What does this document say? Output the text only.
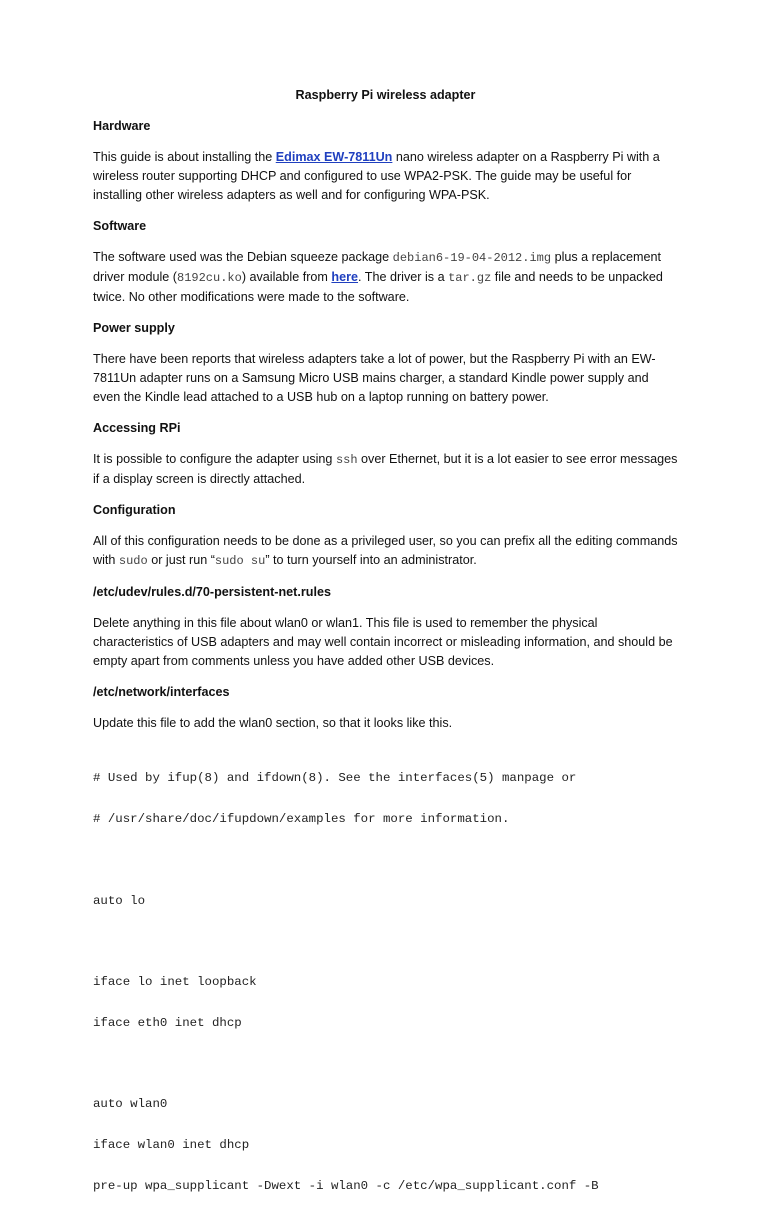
Raspberry Pi wireless adapter
Hardware
This guide is about installing the Edimax EW-7811Un nano wireless adapter on a Raspberry Pi with a wireless router supporting DHCP and configured to use WPA2-PSK. The guide may be useful for installing other wireless adapters as well and for configuring WPA-PSK.
Software
The software used was the Debian squeeze package debian6-19-04-2012.img plus a replacement driver module (8192cu.ko) available from here. The driver is a tar.gz file and needs to be unpacked twice. No other modifications were made to the software.
Power supply
There have been reports that wireless adapters take a lot of power, but the Raspberry Pi with an EW-7811Un adapter runs on a Samsung Micro USB mains charger, a standard Kindle power supply and even the Kindle lead attached to a USB hub on a laptop running on battery power.
Accessing RPi
It is possible to configure the adapter using ssh over Ethernet, but it is a lot easier to see error messages if a display screen is directly attached.
Configuration
All of this configuration needs to be done as a privileged user, so you can prefix all the editing commands with sudo or just run “sudo su” to turn yourself into an administrator.
/etc/udev/rules.d/70-persistent-net.rules
Delete anything in this file about wlan0 or wlan1. This file is used to remember the physical characteristics of USB adapters and may well contain incorrect or misleading information, and should be empty apart from comments unless you have added other USB devices.
/etc/network/interfaces
Update this file to add the wlan0 section, so that it looks like this.

# Used by ifup(8) and ifdown(8). See the interfaces(5) manpage or

# /usr/share/doc/ifupdown/examples for more information.

auto lo

iface lo inet loopback

iface eth0 inet dhcp

auto wlan0

iface wlan0 inet dhcp

pre-up wpa_supplicant -Dwext -i wlan0 -c /etc/wpa_supplicant.conf -B
